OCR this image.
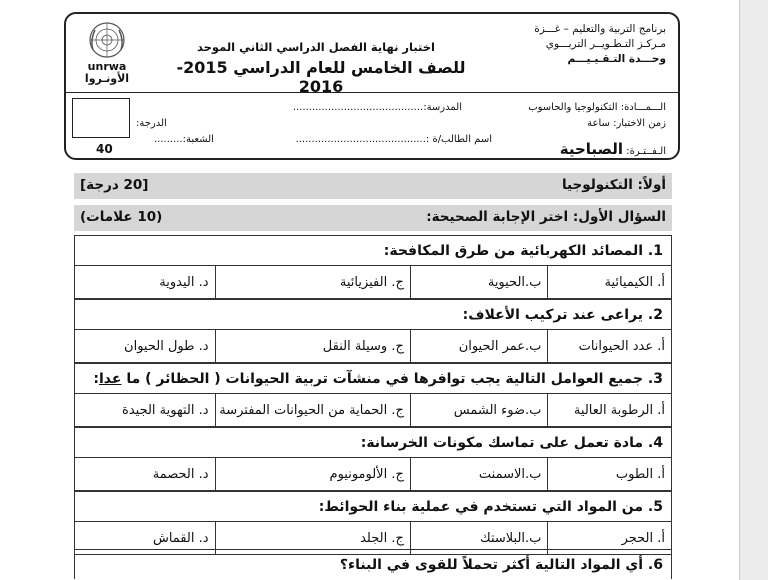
unrwa
الأونـروا
برنامج التربية والتعليم – غـــزة
مـركـز التـطـويــر التربـــوي
وحـــدة التـقـيـيـــم
اختبار نهاية الفصل الدراسي الثاني الموحد
للصف الخامس للعام الدراسي 2015-2016
الـــمـــادة: التكنولوجيا والحاسوب
المدرسة:.........................................
زمن الاختبار: ساعة
اسم الطالب/ة :.........................................
الشعبة:.........
الدرجة:
40	الـفــتـرة: الصباحية
أولاً: التكنولوجيا
[20 درجة]
السؤال الأول: اختر الإجابة الصحيحة:
(10 علامات)
1. المصائد الكهربائية من طرق المكافحة:
أ. الكيميائية
ب.الحيوية
ج. الفيزيائية
د. اليدوية
2. يراعى عند تركيب الأعلاف:
أ. عدد الحيوانات
ب.عمر الحيوان
ج. وسيلة النقل
د. طول الحيوان
3. جميع العوامل التالية يجب توافرها في منشآت تربية الحيوانات ( الحظائر ) ما عدا:
أ. الرطوبة العالية
ب.ضوء الشمس
ج. الحماية من الحيوانات المفترسة
د. التهوية الجيدة
4. مادة تعمل على تماسك مكونات الخرسانة:
أ. الطوب
ب.الاسمنت
ج. الألومونيوم
د. الحصمة
5. من المواد التي تستخدم في عملية بناء الحوائط:
أ. الحجر
ب.البلاستك
ج. الجلد
د. القماش
6. أي المواد التالية أكثر تحملاً للقوى في البناء؟
